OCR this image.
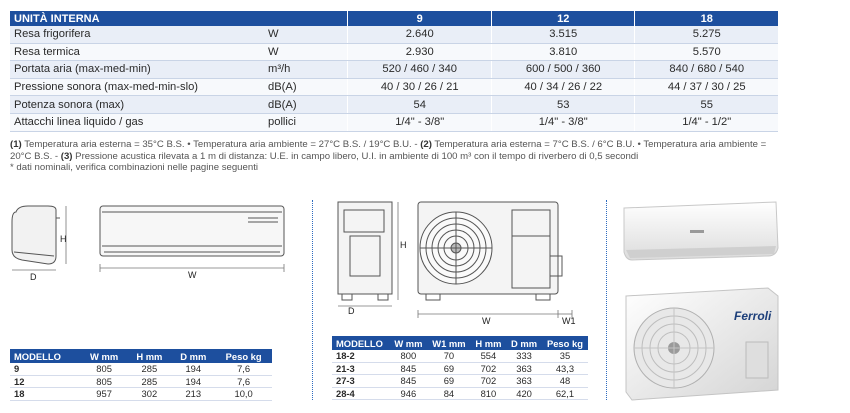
UNITÀ INTERNA		9	12	18
Resa frigorifera	W	2.640	3.515	5.275
Resa termica	W	2.930	3.810	5.570
Portata aria (max-med-min)	m³/h	520 / 460 / 340	600 / 500 / 360	840 / 680 / 540
Pressione sonora (max-med-min-slo)	dB(A)	40 / 30 / 26 / 21	40 / 34 / 26 / 22	44 / 37 / 30 / 25
Potenza sonora (max)	dB(A)	54	53	55
Attacchi linea liquido / gas	pollici	1/4" - 3/8"	1/4" - 3/8"	1/4" - 1/2"
(1) Temperatura aria esterna = 35°C B.S. • Temperatura aria ambiente = 27°C B.S. / 19°C B.U. - (2) Temperatura aria esterna = 7°C B.S. / 6°C B.U. • Temperatura aria ambiente = 20°C B.S. - (3) Pressione acustica rilevata a 1 m di distanza: U.E. in campo libero, U.I. in ambiente di 100 m³ con il tempo di riverbero di 0,5 secondi
* dati nominali, verifica combinazioni nelle pagine seguenti
H
D	W
H
D
W	W1	Ferroli
MODELLO	W mm	H mm	D mm	Peso kg
9	805	285	194	7,6
12	805	285	194	7,6
18	957	302	213	10,0
MODELLO	W mm	W1 mm	H mm	D mm	Peso kg
18-2	800	70	554	333	35
21-3	845	69	702	363	43,3
27-3	845	69	702	363	48
28-4	946	84	810	420	62,1
